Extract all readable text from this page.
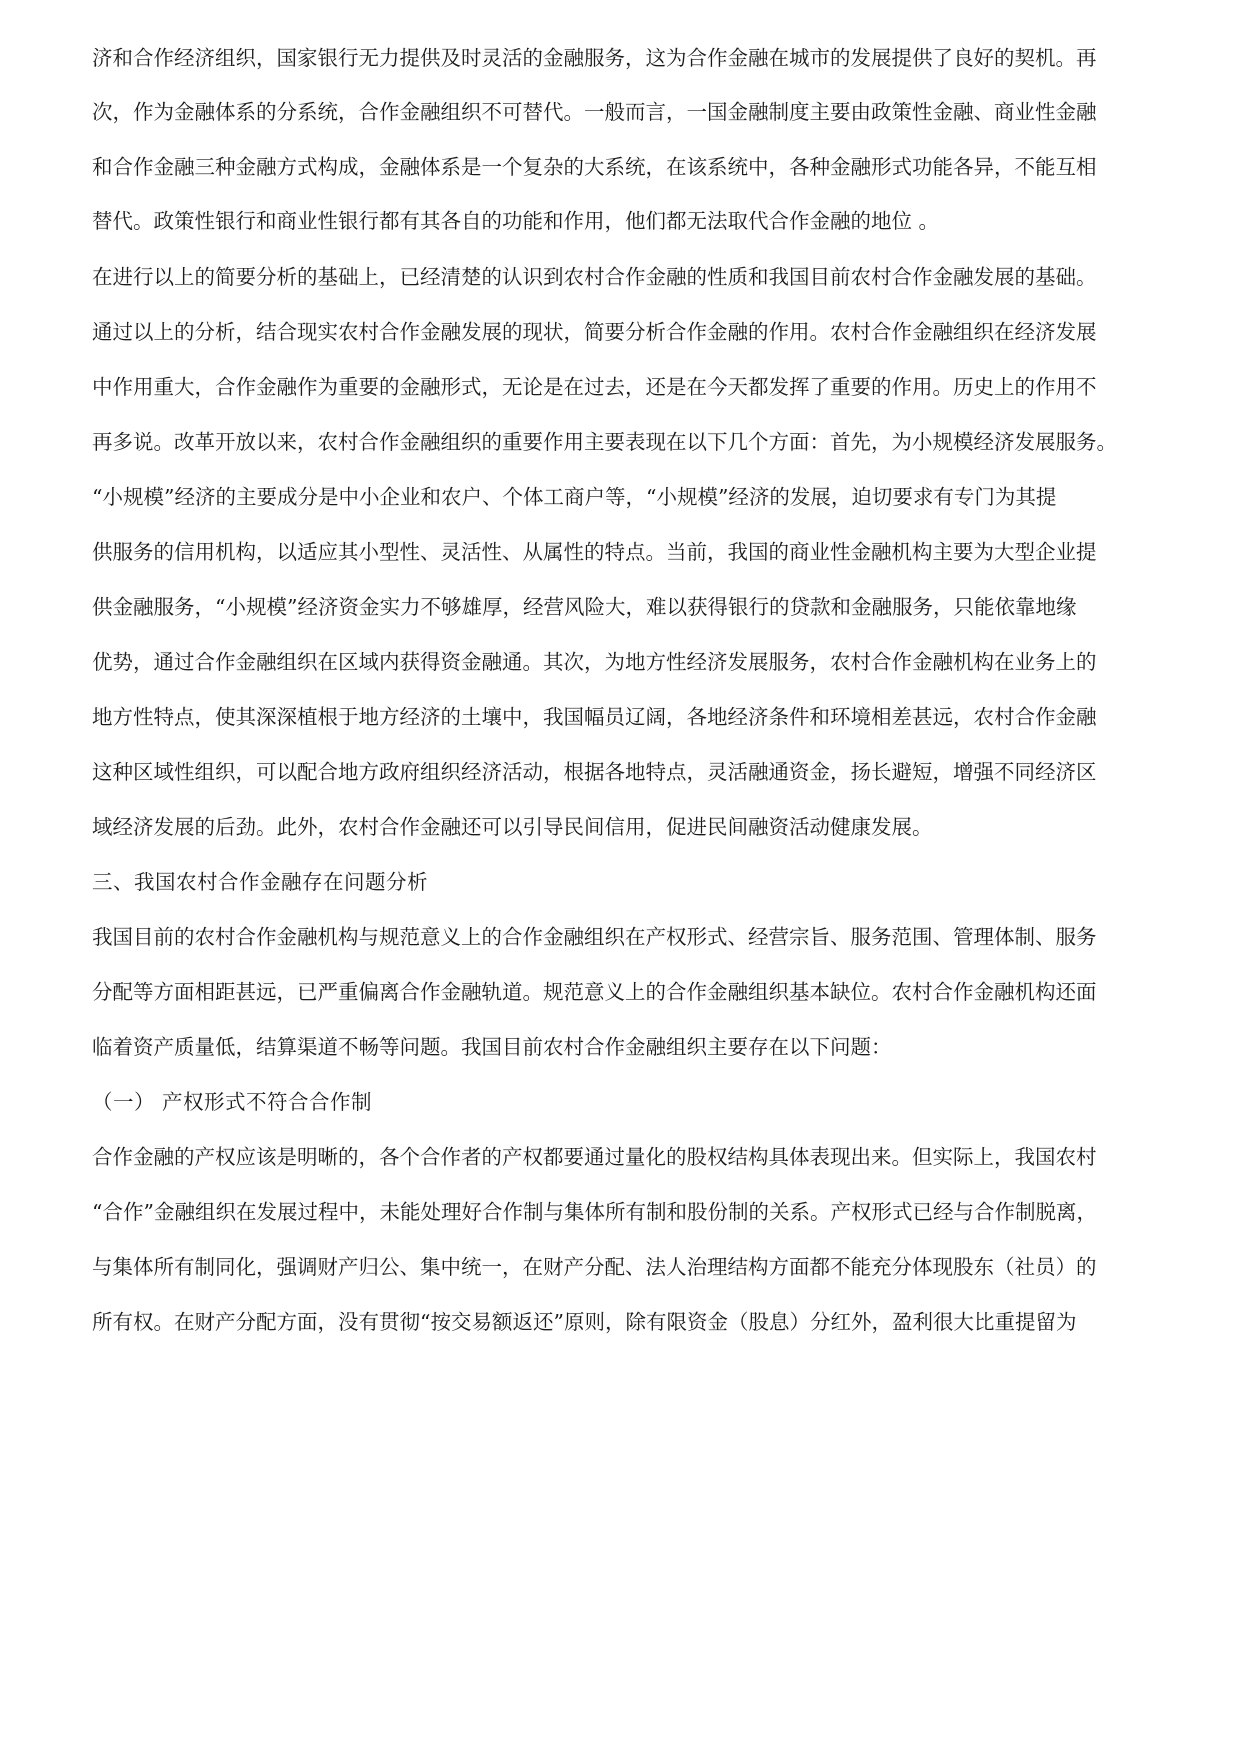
济和合作经济组织，国家银行无力提供及时灵活的金融服务，这为合作金融在城市的发展提供了良好的契机。再
次，作为金融体系的分系统，合作金融组织不可替代。一般而言，一国金融制度主要由政策性金融、商业性金融
和合作金融三种金融方式构成，金融体系是一个复杂的大系统，在该系统中，各种金融形式功能各异，不能互相
替代。政策性银行和商业性银行都有其各自的功能和作用，他们都无法取代合作金融的地位 。
在进行以上的简要分析的基础上，已经清楚的认识到农村合作金融的性质和我国目前农村合作金融发展的基础。
通过以上的分析，结合现实农村合作金融发展的现状，简要分析合作金融的作用。农村合作金融组织在经济发展
中作用重大，合作金融作为重要的金融形式，无论是在过去，还是在今天都发挥了重要的作用。历史上的作用不
再多说。改革开放以来，农村合作金融组织的重要作用主要表现在以下几个方面：首先，为小规模经济发展服务。
“小规模”经济的主要成分是中小企业和农户、个体工商户等，“小规模”经济的发展，迫切要求有专门为其提
供服务的信用机构，以适应其小型性、灵活性、从属性的特点。当前，我国的商业性金融机构主要为大型企业提
供金融服务，“小规模”经济资金实力不够雄厚，经营风险大，难以获得银行的贷款和金融服务，只能依靠地缘
优势，通过合作金融组织在区域内获得资金融通。其次，为地方性经济发展服务，农村合作金融机构在业务上的
地方性特点，使其深深植根于地方经济的土壤中，我国幅员辽阔，各地经济条件和环境相差甚远，农村合作金融
这种区域性组织，可以配合地方政府组织经济活动，根据各地特点，灵活融通资金，扬长避短，增强不同经济区
域经济发展的后劲。此外，农村合作金融还可以引导民间信用，促进民间融资活动健康发展。
三、我国农村合作金融存在问题分析
我国目前的农村合作金融机构与规范意义上的合作金融组织在产权形式、经营宗旨、服务范围、管理体制、服务
分配等方面相距甚远，已严重偏离合作金融轨道。规范意义上的合作金融组织基本缺位。农村合作金融机构还面
临着资产质量低，结算渠道不畅等问题。我国目前农村合作金融组织主要存在以下问题：
（一） 产权形式不符合合作制
合作金融的产权应该是明晰的，各个合作者的产权都要通过量化的股权结构具体表现出来。但实际上，我国农村
“合作”金融组织在发展过程中，未能处理好合作制与集体所有制和股份制的关系。产权形式已经与合作制脱离，
与集体所有制同化，强调财产归公、集中统一，在财产分配、法人治理结构方面都不能充分体现股东（社员）的
所有权。在财产分配方面，没有贯彻“按交易额返还”原则，除有限资金（股息）分红外，盈利很大比重提留为
